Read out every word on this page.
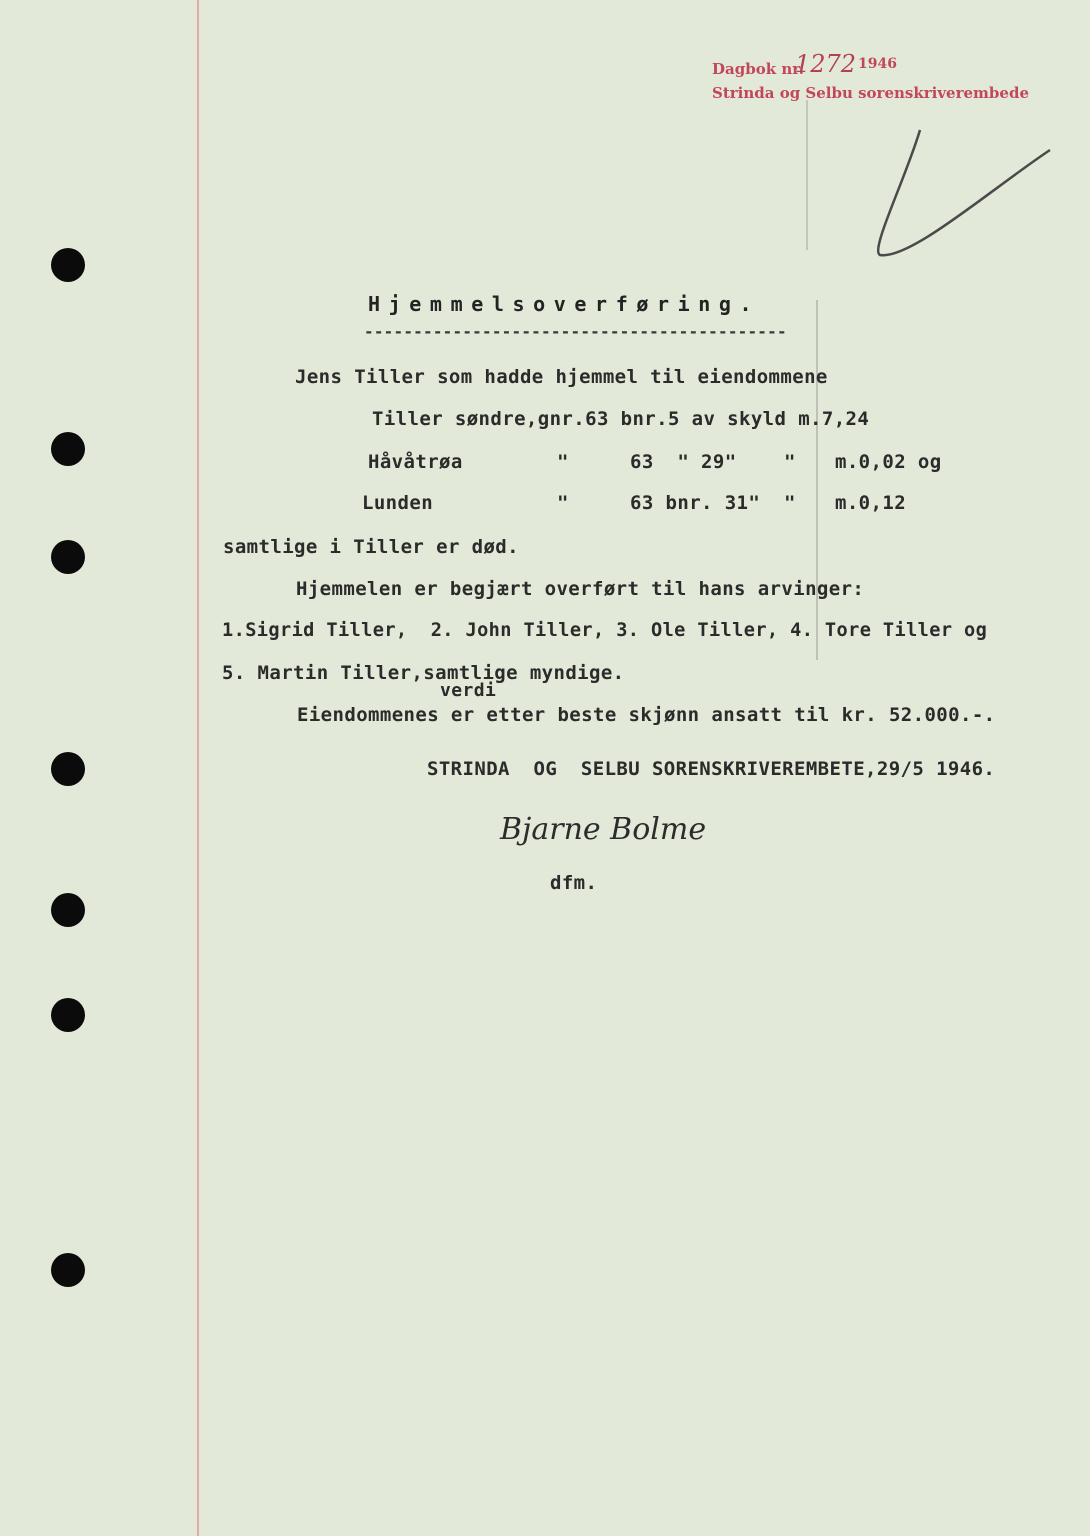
Dagbok nr.
1272 1946
Strinda og Selbu sorenskriverembede
Hjemmelsoverføring.
-------------------------------------------
Jens Tiller som hadde hjemmel til eiendommene
Tiller søndre,gnr.63 bnr.5 av skyld m.7,24
Håvåtrøa	"	63  " 29" " m.0,02 og
Lunden	"	63 bnr. 31" " m.0,12
samtlige i Tiller er død.
Hjemmelen er begjært overført til hans arvinger:
1.Sigrid Tiller,  2. John Tiller, 3. Ole Tiller, 4. Tore Tiller og
5. Martin Tiller,samtlige myndige.
verdi
Eiendommenes er etter beste skjønn ansatt til kr. 52.000.-.
STRINDA  OG  SELBU SORENSKRIVEREMBETE,29/5 1946.
Bjarne Bolme
dfm.
